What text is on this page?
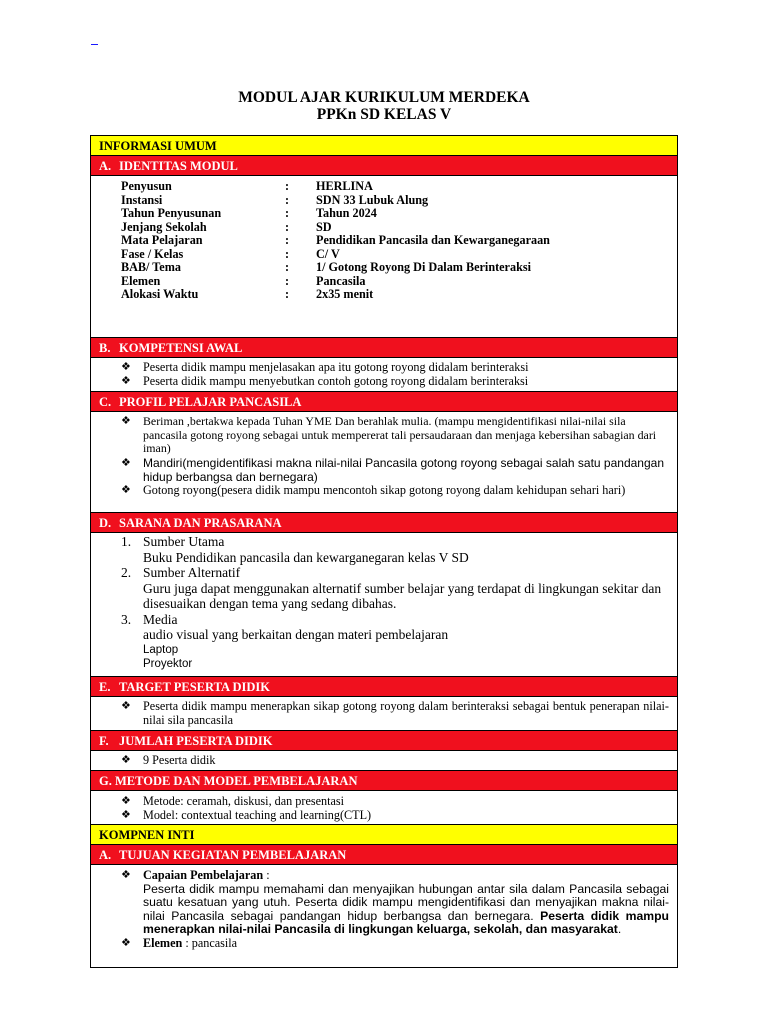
MODUL AJAR KURIKULUM MERDEKA
PPKn SD KELAS V
INFORMASI UMUM
A. IDENTITAS MODUL
Penyusun	:	HERLINA
Instansi	:	SDN 33 Lubuk Alung
Tahun Penyusunan	:	Tahun 2024
Jenjang Sekolah	:	SD
Mata Pelajaran	:	Pendidikan Pancasila dan Kewarganegaraan
Fase / Kelas	:	C/ V
BAB/ Tema	:	1/ Gotong Royong Di Dalam Berinteraksi
Elemen	:	Pancasila
Alokasi Waktu	:	2x35 menit
B. KOMPETENSI AWAL
❖ Peserta didik mampu menjelasakan apa itu gotong royong didalam berinteraksi
❖ Peserta didik mampu menyebutkan contoh gotong royong didalam berinteraksi
C. PROFIL PELAJAR PANCASILA
❖ Beriman ,bertakwa kepada Tuhan YME Dan berahlak mulia. (mampu mengidentifikasi nilai-nilai sila pancasila gotong royong sebagai untuk mempererat tali persaudaraan dan menjaga kebersihan sabagian dari iman)
❖ Mandiri(mengidentifikasi makna nilai-nilai Pancasila gotong royong sebagai salah satu pandangan hidup berbangsa dan bernegara)
❖ Gotong royong(pesera didik mampu mencontoh sikap gotong royong dalam kehidupan sehari hari)
D. SARANA DAN PRASARANA
1. Sumber Utama
Buku Pendidikan pancasila dan kewarganegaran kelas V SD
2. Sumber Alternatif
Guru juga dapat menggunakan alternatif sumber belajar yang terdapat di lingkungan sekitar dan disesuaikan dengan tema yang sedang dibahas.
3. Media
audio visual yang berkaitan dengan materi pembelajaran
Laptop
Proyektor
E. TARGET PESERTA DIDIK
❖ Peserta didik mampu menerapkan sikap gotong royong dalam berinteraksi sebagai bentuk penerapan nilai-nilai sila pancasila
F. JUMLAH PESERTA DIDIK
❖ 9 Peserta didik
G. METODE DAN MODEL PEMBELAJARAN
❖ Metode: ceramah, diskusi, dan presentasi
❖ Model: contextual teaching and learning(CTL)
KOMPNEN INTI
A. TUJUAN KEGIATAN PEMBELAJARAN
❖ Capaian Pembelajaran :
Peserta didik mampu memahami dan menyajikan hubungan antar sila dalam Pancasila sebagai suatu kesatuan yang utuh. Peserta didik mampu mengidentifikasi dan menyajikan makna nilai-nilai Pancasila sebagai pandangan hidup berbangsa dan bernegara. Peserta didik mampu menerapkan nilai-nilai Pancasila di lingkungan keluarga, sekolah, dan masyarakat.
❖ Elemen : pancasila
